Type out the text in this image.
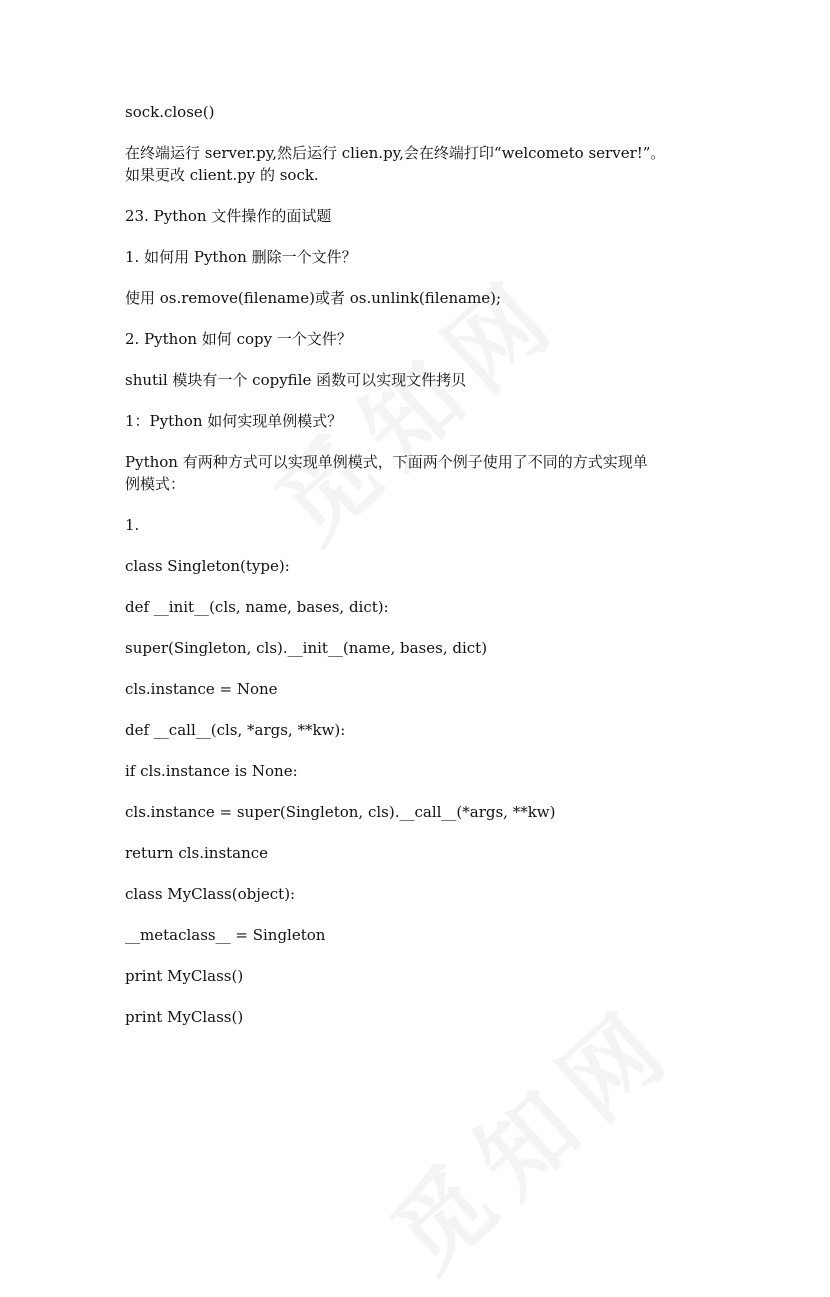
sock.close()

在终端运行 server.py,然后运行 clien.py,会在终端打印“welcometo server!”。

如果更改 client.py 的 sock.

23. Python 文件操作的面试题

1. 如何用 Python 删除一个文件？

使用 os.remove(filename)或者 os.unlink(filename);

2. Python 如何 copy 一个文件？

shutil 模块有一个 copyfile 函数可以实现文件拷贝

1：Python 如何实现单例模式？

Python 有两种方式可以实现单例模式，下面两个例子使用了不同的方式实现单

例模式：

1.

class Singleton(type):

def __init__(cls, name, bases, dict):

super(Singleton, cls).__init__(name, bases, dict)

cls.instance = None

def __call__(cls, *args, **kw):

if cls.instance is None:

cls.instance = super(Singleton, cls).__call__(*args, **kw)

return cls.instance

class MyClass(object):

__metaclass__ = Singleton

print MyClass()

print MyClass()
